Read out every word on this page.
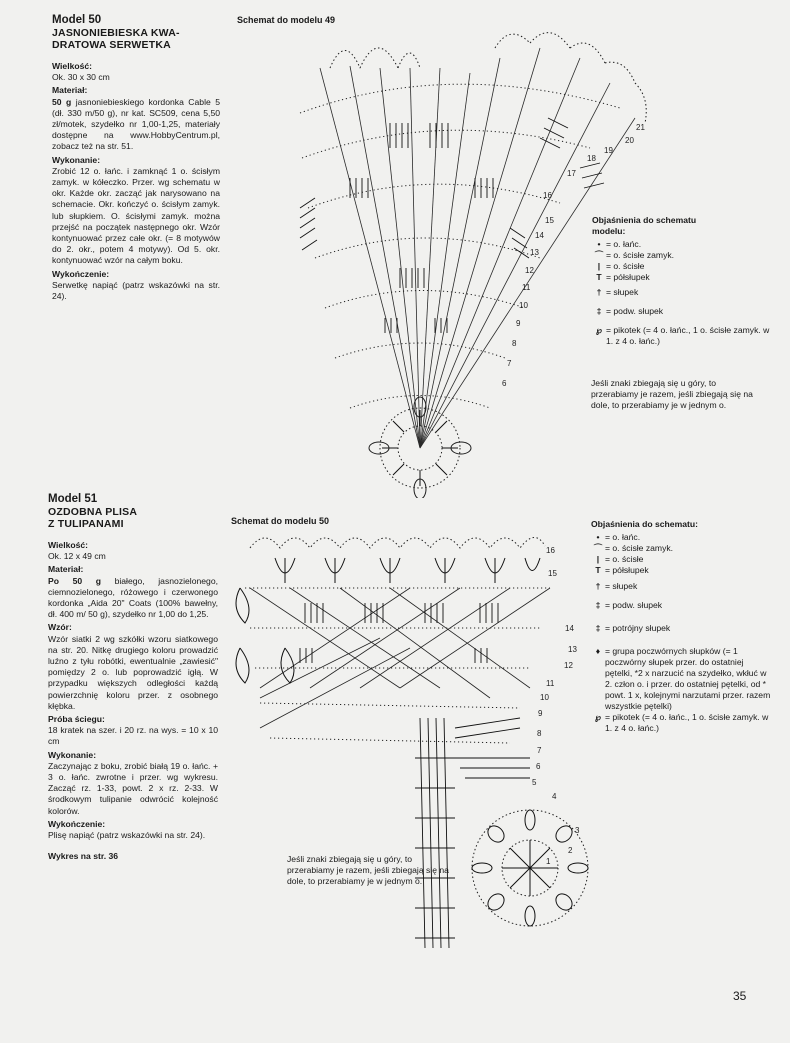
Model 50
JASNONIEBIESKA KWA-
DRATOWA SERWETKA
Wielkość:
Ok. 30 x 30 cm
Materiał:
50 g jasnoniebieskiego kordonka Cable 5 (dł. 330 m/50 g), nr kat. SC509, cena 5,50 zł/motek, szydełko nr 1,00-1,25, materiały dostępne na www.HobbyCentrum.pl, zobacz też na str. 51.
Wykonanie:
Zrobić 12 o. łańc. i zamknąć 1 o. ścisłym zamyk. w kółeczko. Przer. wg schematu w okr. Każde okr. zacząć jak narysowano na schemacie. Okr. kończyć o. ścisłym zamyk. lub słupkiem. O. ścisłymi zamyk. można przejść na początek następnego okr. Wzór kontynuować przez całe okr. (= 8 motywów do 2. okr., potem 4 motywy). Od 5. okr. kontynuować wzór na całym boku.
Wykończenie:
Serwetkę napiąć (patrz wskazówki na str. 24).
Model 51
OZDOBNA PLISA
Z TULIPANAMI
Wielkość:
Ok. 12 x 49 cm
Materiał:
Po 50 g białego, jasnozielonego, ciemnozielonego, różowego i czerwonego kordonka „Aida 20" Coats (100% bawełny, dł. 400 m/ 50 g), szydełko nr 1,00 do 1,25.
Wzór:
Wzór siatki 2 wg szkółki wzoru siatkowego na str. 20. Nitkę drugiego koloru prowadzić luźno z tyłu robótki, ewentualnie „zawiesić" pomiędzy 2 o. lub poprowadzić igłą. W przypadku większych odległości każdą powierzchnię koloru przer. z osobnego kłębka.
Próba ściegu:
18 kratek na szer. i 20 rz. na wys. = 10 x 10 cm
Wykonanie:
Zaczynając z boku, zrobić białą 19 o. łańc. + 3 o. łańc. zwrotne i przer. wg wykresu. Zacząć rz. 1-33, powt. 2 x rz. 2-33. W środkowym tulipanie odwrócić kolejność kolorów.
Wykończenie:
Plisę napiąć (patrz wskazówki na str. 24).
Wykres na str. 36
Schemat do modelu 49
21
20
19
18
17
16
15
14
13
12
11
10
9
8
7
6
Objaśnienia do schematu
modelu:
• = o. łańc.
⌒ = o. ścisłe zamyk.
| = o. ścisłe
T = półsłupek
† = słupek
‡ = podw. słupek
℘ = pikotek (= 4 o. łańc., 1 o. ścisłe zamyk. w 1. z 4 o. łańc.)
Jeśli znaki zbiegają się u góry, to przerabiamy je razem, jeśli zbiegają się na dole, to przerabiamy je w jednym o.
Schemat do modelu 50
16
15
14
13
12
11
10
9
8
7
6
5
4
3
2
1
Jeśli znaki zbiegają się u góry, to przerabiamy je razem, jeśli zbiegają się na dole, to przerabiamy je w jednym o.
Objaśnienia do schematu:
• = o. łańc.
⌒ = o. ścisłe zamyk.
| = o. ścisłe
T = półsłupek
† = słupek
‡ = podw. słupek
‡ = potrójny słupek
♦ = grupa poczwórnych słupków (= 1 poczwórny słupek przer. do ostatniej pętelki, *2 x narzucić na szydełko, wkłuć w 2. człon o. i przer. do ostatniej pętelki, od * powt. 1 x, kolejnymi narzutami przer. razem wszystkie pętelki)
℘ = pikotek (= 4 o. łańc., 1 o. ścisłe zamyk. w 1. z 4 o. łańc.)
35
